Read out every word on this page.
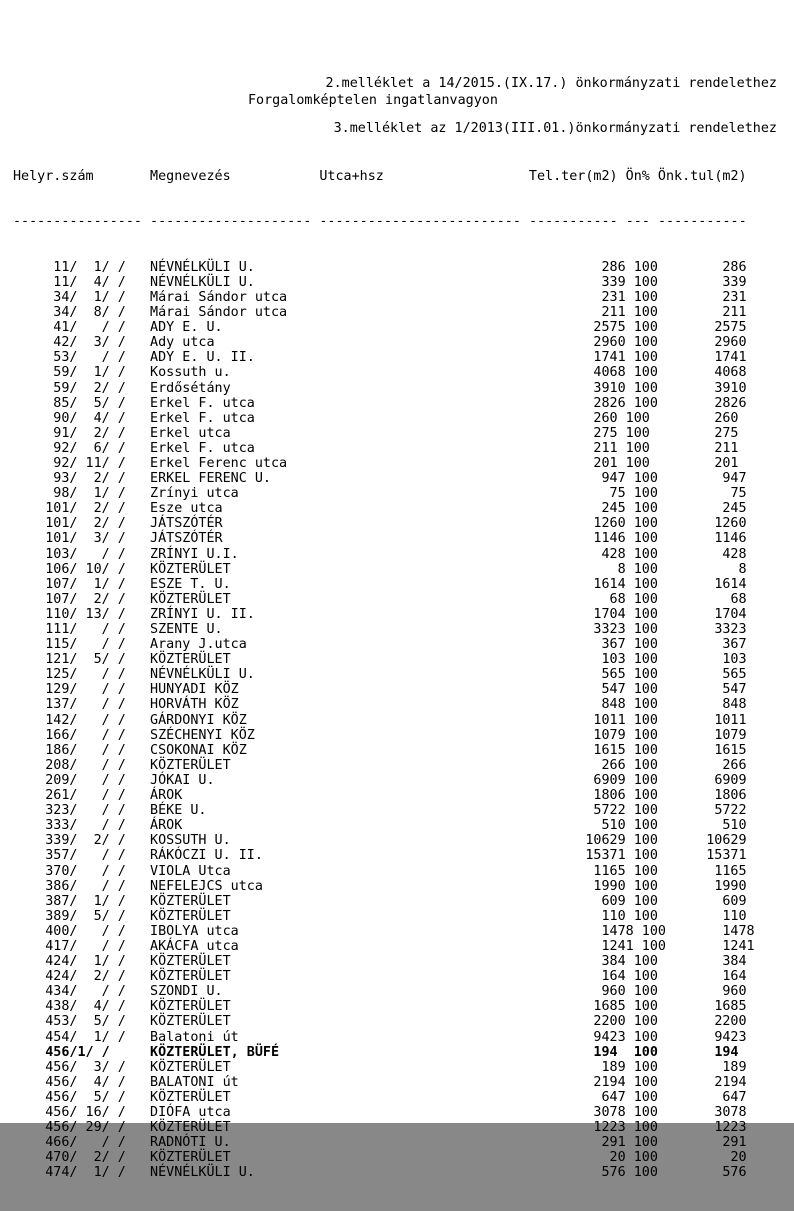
2.melléklet a 14/2015.(IX.17.) önkormányzati rendelethez

3.melléklet az 1/2013(III.01.)önkormányzati rendelethez

Forgalomképtelen ingatlanvagyon

Helyr.szám	Megnevezés	Utca+hsz	Tel.ter(m2) Ön% Önk.tul(m2)

---------------- -------------------- ------------------------- ----------- --- -----------

11/  1/ / NÉVNÉLKÜLI U.	286 100	286
11/  4/ / NÉVNÉLKÜLI U.	339 100	339
34/  1/ / Márai Sándor utca	231 100	231
34/  8/ / Márai Sándor utca	211 100	211
41/   / / ADY E. U.	2575 100	2575
42/  3/ / Ady utca	2960 100	2960
53/   / / ADY E. U. II.	1741 100	1741
59/  1/ / Kossuth u.	4068 100	4068
59/  2/ / Erdősétány	3910 100	3910
85/  5/ / Erkel F. utca	2826 100	2826
90/  4/ / Erkel F. utca	260 100	260
91/  2/ / Erkel utca	275 100	275
92/  6/ / Erkel F. utca	211 100	211
92/ 11/ / Erkel Ferenc utca	201 100	201
93/  2/ / ERKEL FERENC U.	947 100	947
98/  1/ / Zrínyi utca	75 100	75
101/  2/ / Esze utca	245 100	245
101/  2/ / JÁTSZÓTÉR	1260 100	1260
101/  3/ / JÁTSZÓTÉR	1146 100	1146
103/   / / ZRÍNYI U.I.	428 100	428
106/ 10/ / KÖZTERÜLET	8 100	8
107/  1/ / ESZE T. U.	1614 100	1614
107/  2/ / KÖZTERÜLET	68 100	68
110/ 13/ / ZRÍNYI U. II.	1704 100	1704
111/   / / SZENTE U.	3323 100	3323
115/   / / Arany J.utca	367 100	367
121/  5/ / KÖZTERÜLET	103 100	103
125/   / / NÉVNÉLKÜLI U.	565 100	565
129/   / / HUNYADI KÖZ	547 100	547
137/   / / HORVÁTH KÖZ	848 100	848
142/   / / GÁRDONYI KÖZ	1011 100	1011
166/   / / SZÉCHENYI KÖZ	1079 100	1079
186/   / / CSOKONAI KÖZ	1615 100	1615
208/   / / KÖZTERÜLET	266 100	266
209/   / / JÓKAI U.	6909 100	6909
261/   / / ÁROK	1806 100	1806
323/   / / BÉKE U.	5722 100	5722
333/   / / ÁROK	510 100	510
339/  2/ / KOSSUTH U.	10629 100	10629
357/   / / RÁKÓCZI U. II.	15371 100	15371
370/   / / VIOLA Utca	1165 100	1165
386/   / / NEFELEJCS utca	1990 100	1990
387/  1/ / KÖZTERÜLET	609 100	609
389/  5/ / KÖZTERÜLET	110 100	110
400/   / / IBOLYA utca	1478 100	1478
417/   / / AKÁCFA utca	1241 100	1241
424/  1/ / KÖZTERÜLET	384 100	384
424/  2/ / KÖZTERÜLET	164 100	164
434/   / / SZONDI U.	960 100	960
438/  4/ / KÖZTERÜLET	1685 100	1685
453/  5/ / KÖZTERÜLET	2200 100	2200
454/  1/ / Balatoni út	9423 100	9423
456/1/ /	KÖZTERÜLET, BÜFÉ	194 100	194
456/  3/ / KÖZTERÜLET	189 100	189
456/  4/ / BALATONI út	2194 100	2194
456/  5/ / KÖZTERÜLET	647 100	647
456/ 16/ / DIÓFA utca	3078 100	3078
456/ 29/ / KÖZTERÜLET	1223 100	1223
466/   / / RADNÓTI U.	291 100	291
470/  2/ / KÖZTERÜLET	20 100	20
474/  1/ / NÉVNÉLKÜLI U.	576 100	576
